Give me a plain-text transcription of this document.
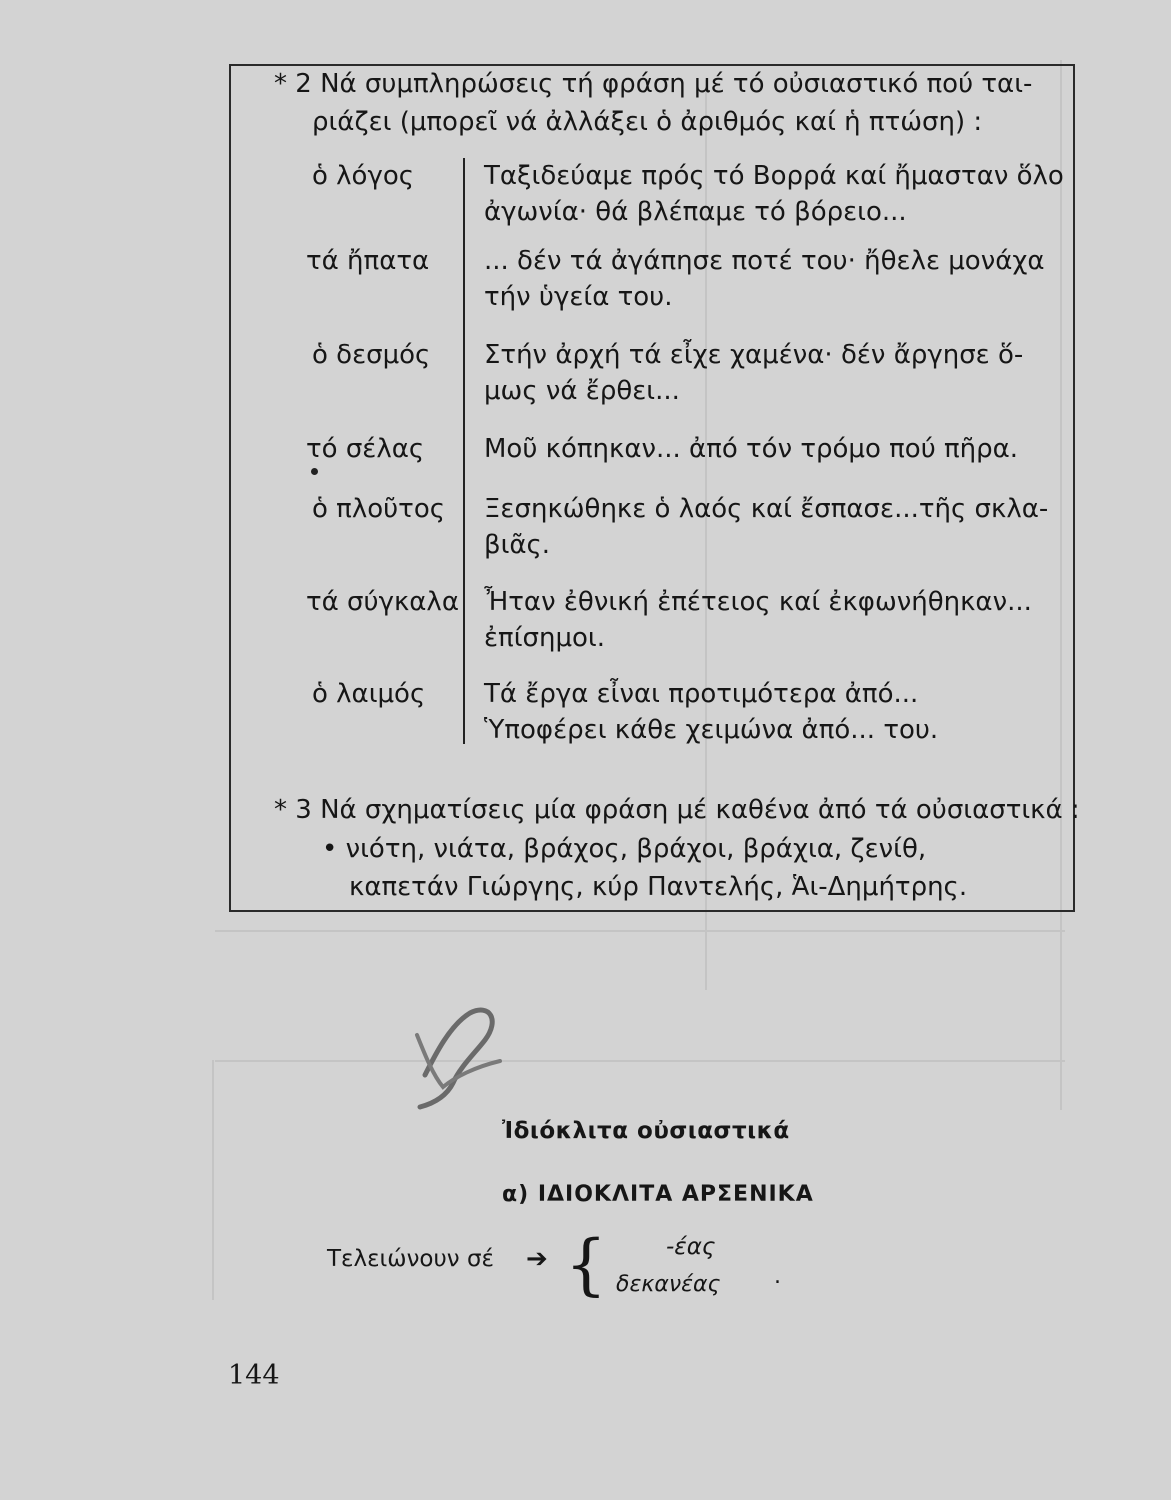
* 2 Νά συμπληρώσεις τή φράση μέ τό οὐσιαστικό πού ται-

ριάζει (μπορεῖ νά ἀλλάξει ὁ ἀριθμός καί ἡ πτώση) :

ὁ λόγος	Ταξιδεύαμε πρός τό Βορρά καί ἤμασταν ὅλο
ἀγωνία· θά βλέπαμε τό βόρειο...
τά ἤπατα ... δέν τά ἀγάπησε ποτέ του· ἤθελε μονάχα
τήν ὑγεία του.
ὁ δεσμός Στήν ἀρχή τά εἶχε χαμένα· δέν ἄργησε ὅ-
μως νά ἔρθει...
τό σέλας Μοῦ κόπηκαν... ἀπό τόν τρόμο πού πῆρα.
ὁ πλοῦτος Ξεσηκώθηκε ὁ λαός καί ἔσπασε...τῆς σκλα-
βιᾶς.
τά σύγκαλα Ἦταν ἐθνική ἐπέτειος καί ἐκφωνήθηκαν...
ἐπίσημοι.
ὁ λαιμός Τά ἔργα εἶναι προτιμότερα ἀπό...
Ὑποφέρει κάθε χειμώνα ἀπό... του.

* 3 Νά σχηματίσεις μία φράση μέ καθένα ἀπό τά οὐσιαστικά :

• νιότη, νιάτα, βράχος, βράχοι, βράχια, ζενίθ,

καπετάν Γιώργης, κύρ Παντελής, Ἁι-Δημήτρης.

Ἰδιόκλιτα οὐσιαστικά
α) ΙΔΙΟΚΛΙΤΑ ΑΡΣΕΝΙΚΑ
Τελειώνουν σέ ➔ {	-έας
.
δεκανέας
144
